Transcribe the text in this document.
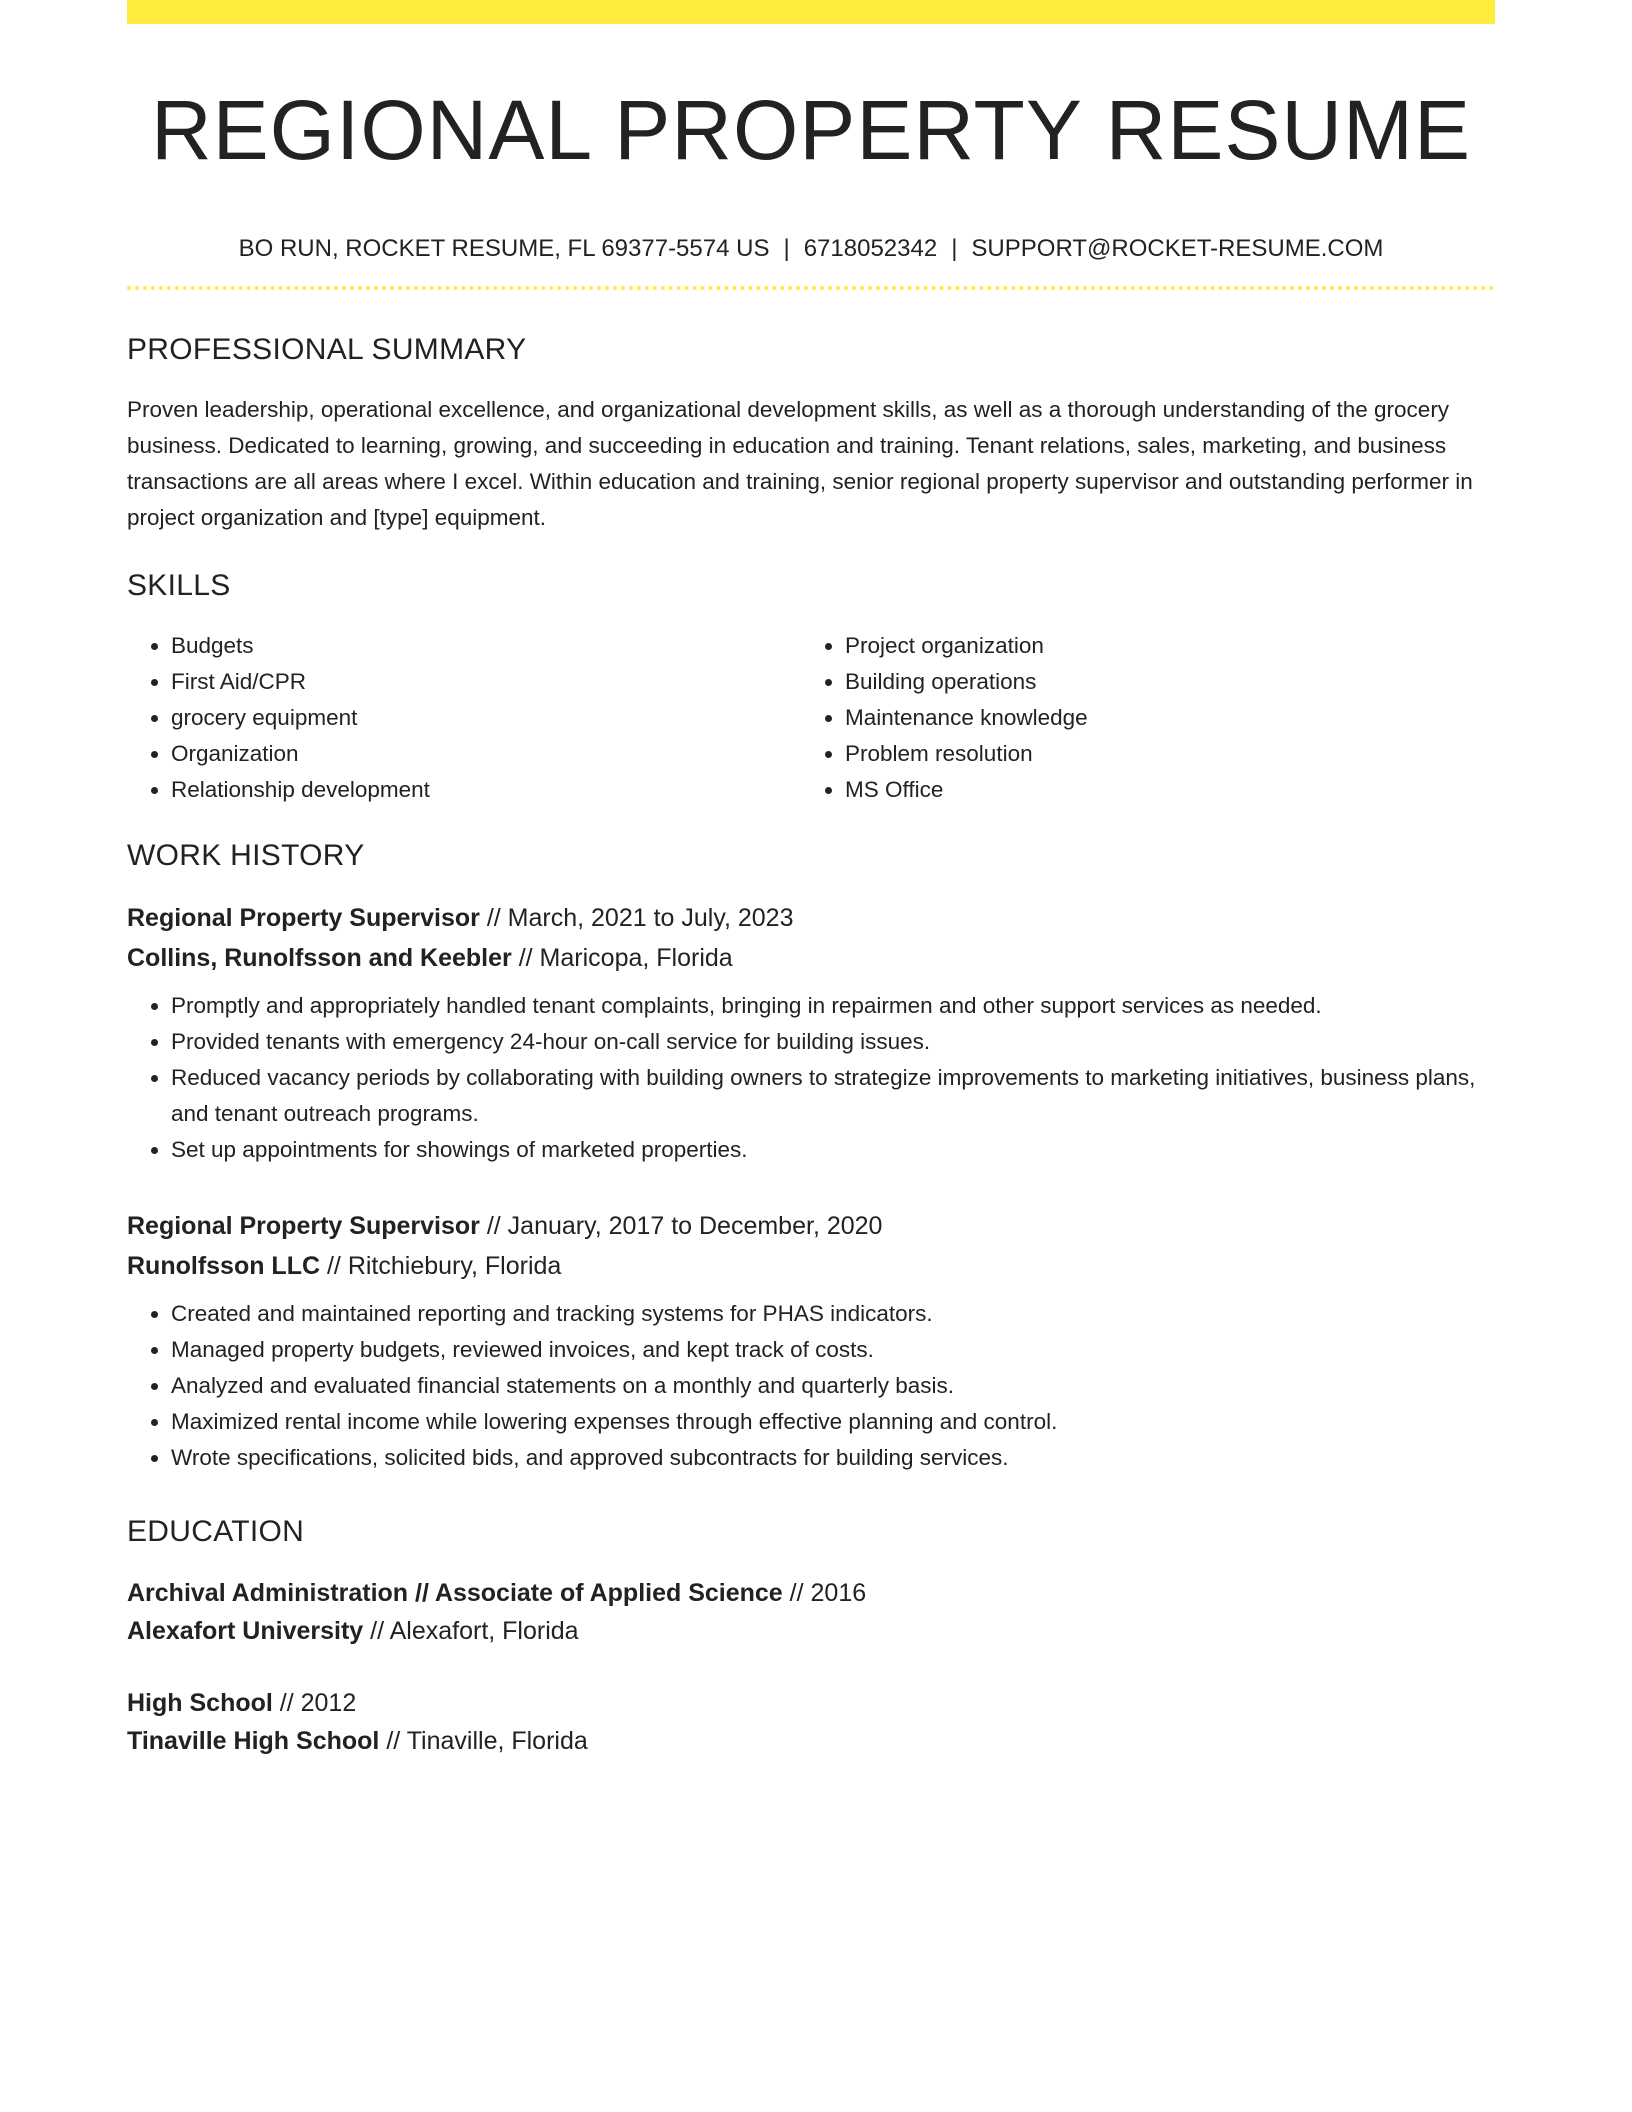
REGIONAL PROPERTY RESUME
BO RUN, ROCKET RESUME, FL 69377-5574 US | 6718052342 | SUPPORT@ROCKET-RESUME.COM
PROFESSIONAL SUMMARY

Proven leadership, operational excellence, and organizational development skills, as well as a thorough understanding of the grocery business. Dedicated to learning, growing, and succeeding in education and training. Tenant relations, sales, marketing, and business transactions are all areas where I excel. Within education and training, senior regional property supervisor and outstanding performer in project organization and [type] equipment.

SKILLS
• Budgets
• First Aid/CPR
• grocery equipment
• Organization
• Relationship development
• Project organization
• Building operations
• Maintenance knowledge
• Problem resolution
• MS Office
WORK HISTORY
Regional Property Supervisor // March, 2021 to July, 2023
Collins, Runolfsson and Keebler // Maricopa, Florida
• Promptly and appropriately handled tenant complaints, bringing in repairmen and other support services as needed.
• Provided tenants with emergency 24-hour on-call service for building issues.
• Reduced vacancy periods by collaborating with building owners to strategize improvements to marketing initiatives, business plans, and tenant outreach programs.
• Set up appointments for showings of marketed properties.
Regional Property Supervisor // January, 2017 to December, 2020
Runolfsson LLC // Ritchiebury, Florida
• Created and maintained reporting and tracking systems for PHAS indicators.
• Managed property budgets, reviewed invoices, and kept track of costs.
• Analyzed and evaluated financial statements on a monthly and quarterly basis.
• Maximized rental income while lowering expenses through effective planning and control.
• Wrote specifications, solicited bids, and approved subcontracts for building services.
EDUCATION
Archival Administration // Associate of Applied Science // 2016
Alexafort University // Alexafort, Florida
High School // 2012
Tinaville High School // Tinaville, Florida
